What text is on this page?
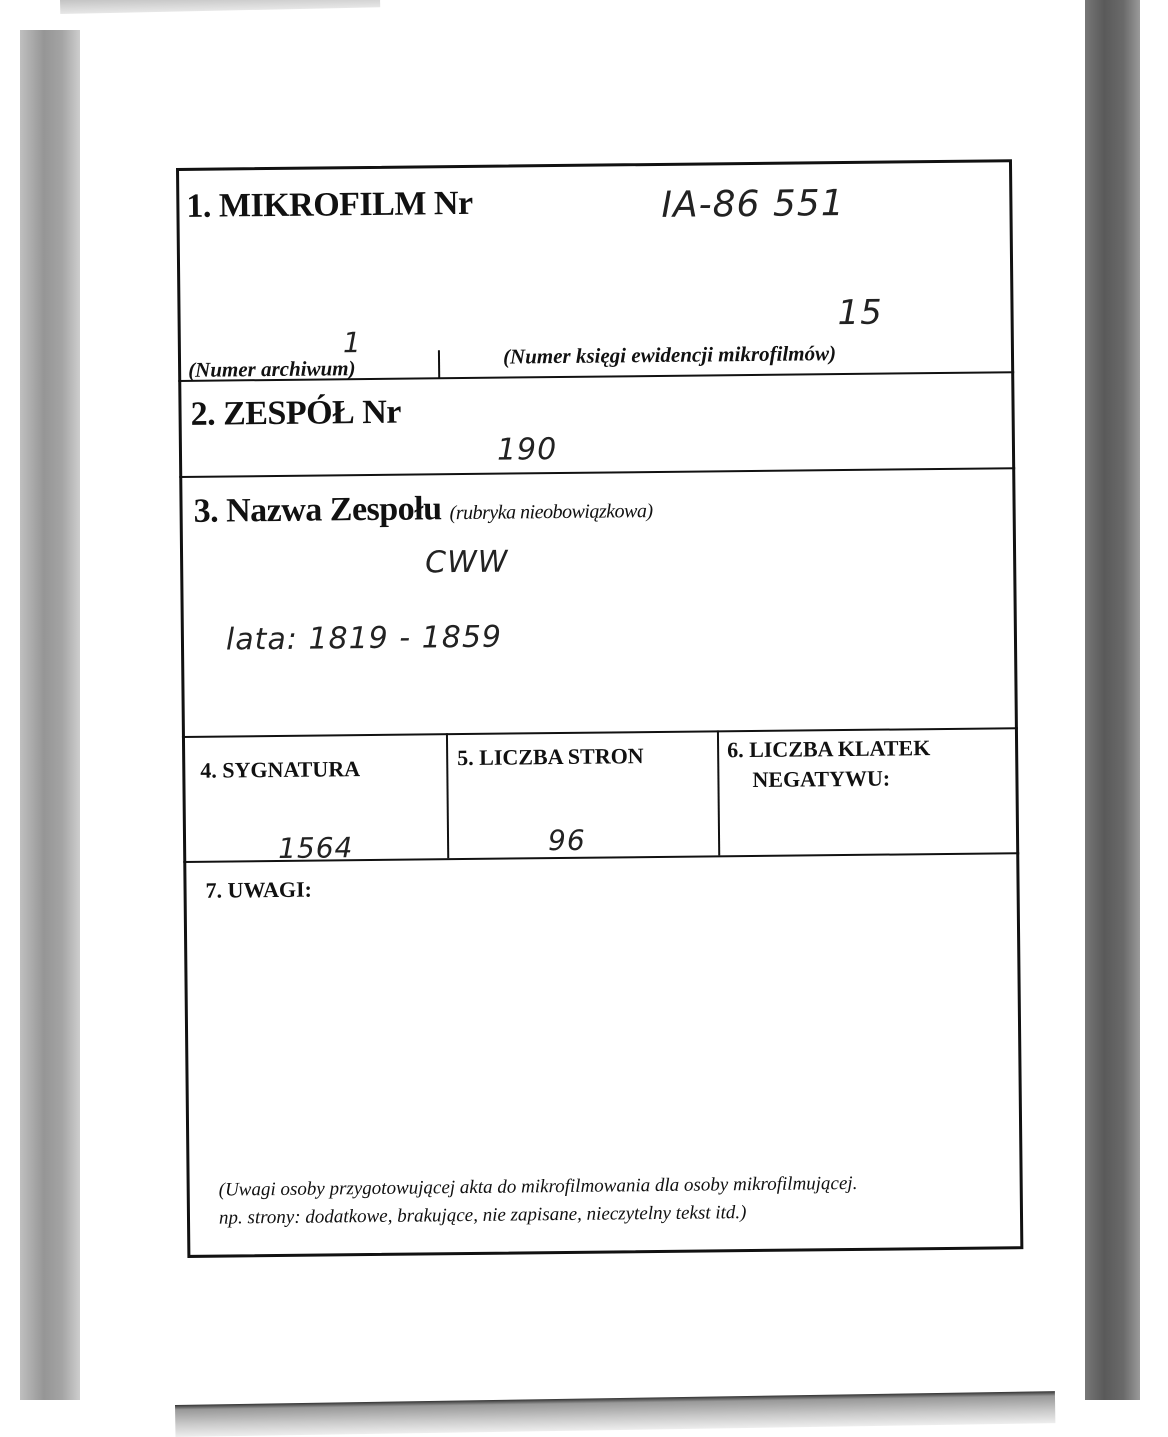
1. MIKROFILM Nr	IA-86 551
15
1
(Numer archiwum)
(Numer księgi ewidencji mikrofilmów)
2. ZESPÓŁ Nr
190
3. Nazwa Zespołu (rubryka nieobowiązkowa)
CWW
lata: 1819 - 1859
4. SYGNATURA	5. LICZBA STRON	6. LICZBA KLATEK
NEGATYWU:
1564	96
7. UWAGI:
(Uwagi osoby przygotowującej akta do mikrofilmowania dla osoby mikrofilmującej.
np. strony: dodatkowe, brakujące, nie zapisane, nieczytelny tekst itd.)
